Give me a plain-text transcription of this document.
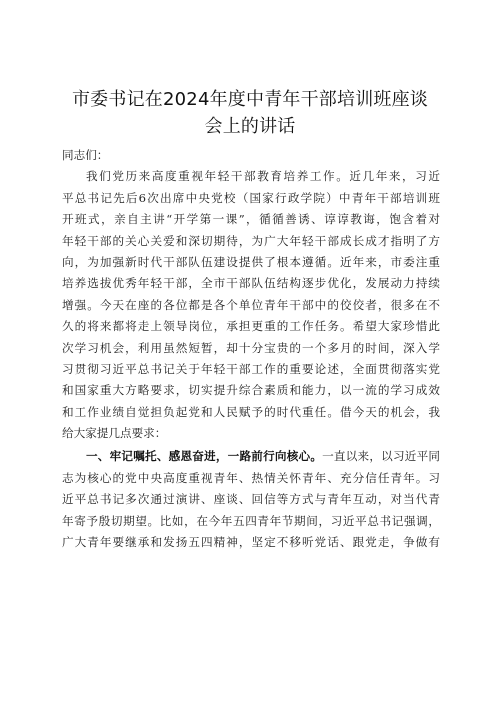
市委书记在2024年度中青年干部培训班座谈
会上的讲话
同志们：
我们党历来高度重视年轻干部教育培养工作。近几年来，习近
平总书记先后6次出席中央党校（国家行政学院）中青年干部培训班
开班式，亲自主讲“开学第一课”，循循善诱、谆谆教诲，饱含着对
年轻干部的关心关爱和深切期待，为广大年轻干部成长成才指明了方
向，为加强新时代干部队伍建设提供了根本遵循。近年来，市委注重
培养选拔优秀年轻干部，全市干部队伍结构逐步优化，发展动力持续
增强。今天在座的各位都是各个单位青年干部中的佼佼者，很多在不
久的将来都将走上领导岗位，承担更重的工作任务。希望大家珍惜此
次学习机会，利用虽然短暂，却十分宝贵的一个多月的时间，深入学
习贯彻习近平总书记关于年轻干部工作的重要论述，全面贯彻落实党
和国家重大方略要求，切实提升综合素质和能力，以一流的学习成效
和工作业绩自觉担负起党和人民赋予的时代重任。借今天的机会，我
给大家提几点要求：
一、牢记嘱托、感恩奋进，一路前行向核心。一直以来，以习近平同
志为核心的党中央高度重视青年、热情关怀青年、充分信任青年。习
近平总书记多次通过演讲、座谈、回信等方式与青年互动，对当代青
年寄予殷切期望。比如，在今年五四青年节期间，习近平总书记强调，
广大青年要继承和发扬五四精神，坚定不移听党话、跟党走，争做有
